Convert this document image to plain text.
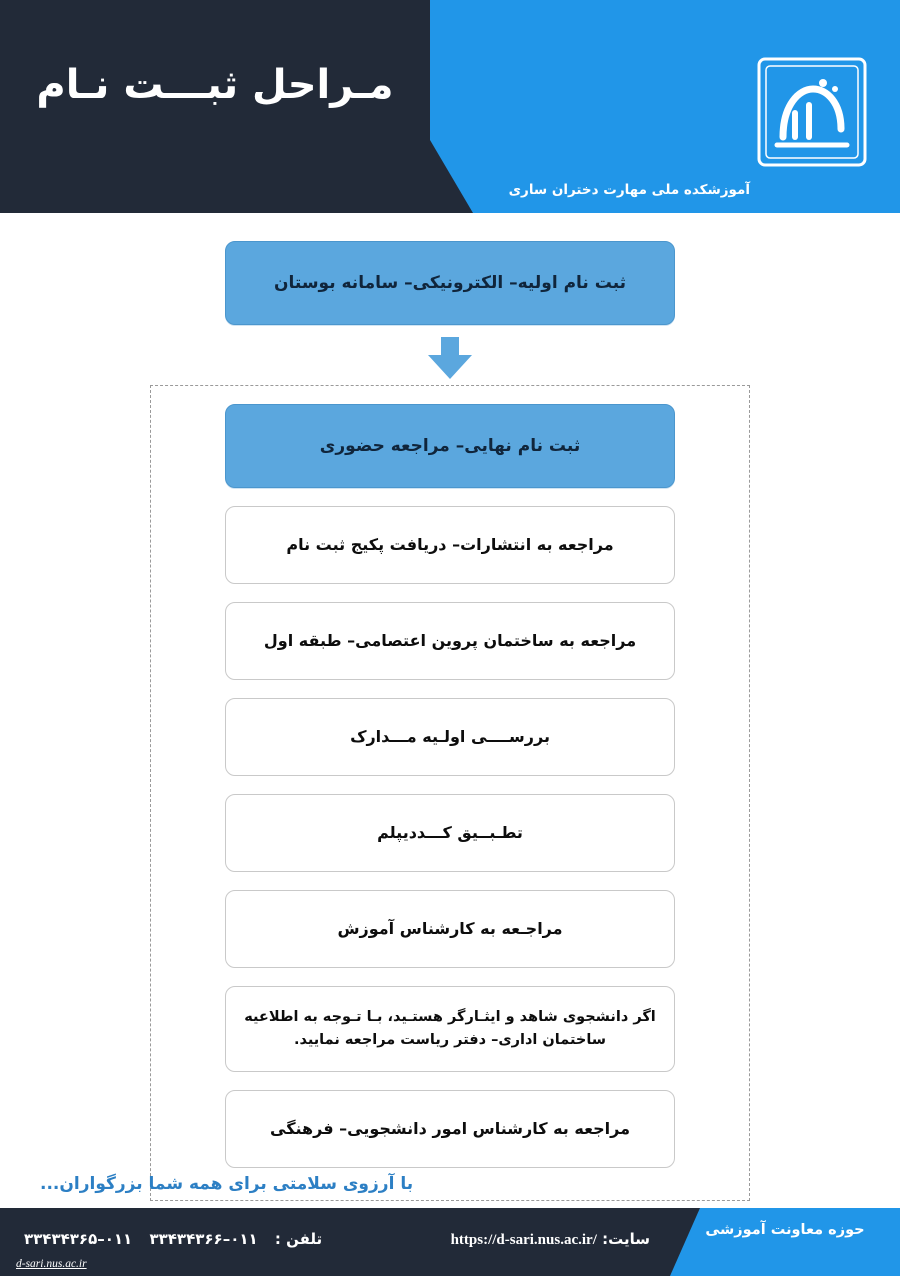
مـراحل ثبـــت نـام
آموزشکده ملی مهارت دختران ساری
ثبت نام اولیه– الکترونیکی– سامانه بوستان
ثبت نام نهایی– مراجعه حضوری
مراجعه به انتشارات– دریافت پکیج ثبت نام
مراجعه به ساختمان پروین اعتصامی– طبقه اول
بررســــی اولـیه مـــدارک
تطـبــیق کـــدديپلم
مراجـعه به کارشناس آموزش
اگر دانشجوی شاهد و ایثـارگر هستـید، بـا تـوجه به اطلاعیه ساختمان اداری– دفتر ریاست مراجعه نمایید.
مراجعه به کارشناس امور دانشجویی– فرهنگی
با آرزوی سلامتی برای همه شما بزرگواران...
حوزه معاونت آموزشی
سایت: https://d-sari.nus.ac.ir/
تلفن : ۰۱۱–۳۳۴۳۴۳۶۶ ۰۱۱–۳۳۴۳۴۳۶۵
d-sari.nus.ac.ir
